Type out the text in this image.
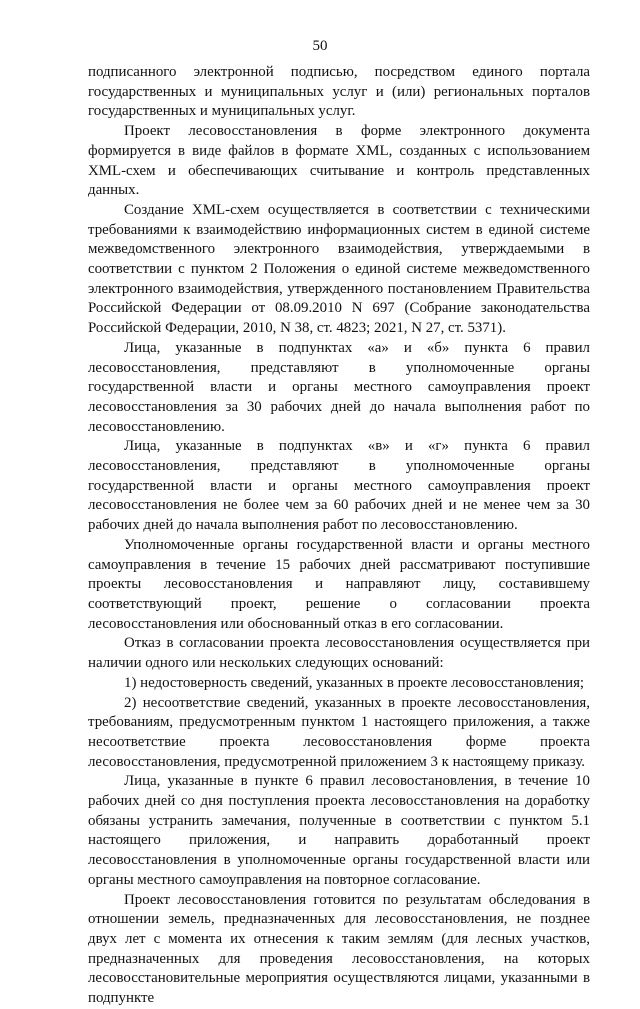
50

подписанного электронной подписью, посредством единого портала государственных и муниципальных услуг и (или) региональных порталов государственных и муниципальных услуг.

Проект лесовосстановления в форме электронного документа формируется в виде файлов в формате XML, созданных с использованием XML-схем и обеспечивающих считывание и контроль представленных данных.

Создание XML-схем осуществляется в соответствии с техническими требованиями к взаимодействию информационных систем в единой системе межведомственного электронного взаимодействия, утверждаемыми в соответствии с пунктом 2 Положения о единой системе межведомственного электронного взаимодействия, утвержденного постановлением Правительства Российской Федерации от 08.09.2010 N 697 (Собрание законодательства Российской Федерации, 2010, N 38, ст. 4823; 2021, N 27, ст. 5371).

Лица, указанные в подпунктах «а» и «б» пункта 6 правил лесовосстановления, представляют в уполномоченные органы государственной власти и органы местного самоуправления проект лесовосстановления за 30 рабочих дней до начала выполнения работ по лесовосстановлению.

Лица, указанные в подпунктах «в» и «г» пункта 6 правил лесовосстановления, представляют в уполномоченные органы государственной власти и органы местного самоуправления проект лесовосстановления не более чем за 60 рабочих дней и не менее чем за 30 рабочих дней до начала выполнения работ по лесовосстановлению.

Уполномоченные органы государственной власти и органы местного самоуправления в течение 15 рабочих дней рассматривают поступившие проекты лесовосстановления и направляют лицу, составившему соответствующий проект, решение о согласовании проекта лесовосстановления или обоснованный отказ в его согласовании.

Отказ в согласовании проекта лесовосстановления осуществляется при наличии одного или нескольких следующих оснований:

1) недостоверность сведений, указанных в проекте лесовосстановления;

2) несоответствие сведений, указанных в проекте лесовосстановления, требованиям, предусмотренным пунктом 1 настоящего приложения, а также несоответствие проекта лесовосстановления форме проекта лесовосстановления, предусмотренной приложением 3 к настоящему приказу.

Лица, указанные в пункте 6 правил лесовостановления, в течение 10 рабочих дней со дня поступления проекта лесовосстановления на доработку обязаны устранить замечания, полученные в соответствии с пунктом 5.1 настоящего приложения, и направить доработанный проект лесовосстановления в уполномоченные органы государственной власти или органы местного самоуправления на повторное согласование.

Проект лесовосстановления готовится по результатам обследования в отношении земель, предназначенных для лесовосстановления, не позднее двух лет с момента их отнесения к таким землям (для лесных участков, предназначенных для проведения лесовосстановления, на которых лесовосстановительные мероприятия осуществляются лицами, указанными в подпункте
